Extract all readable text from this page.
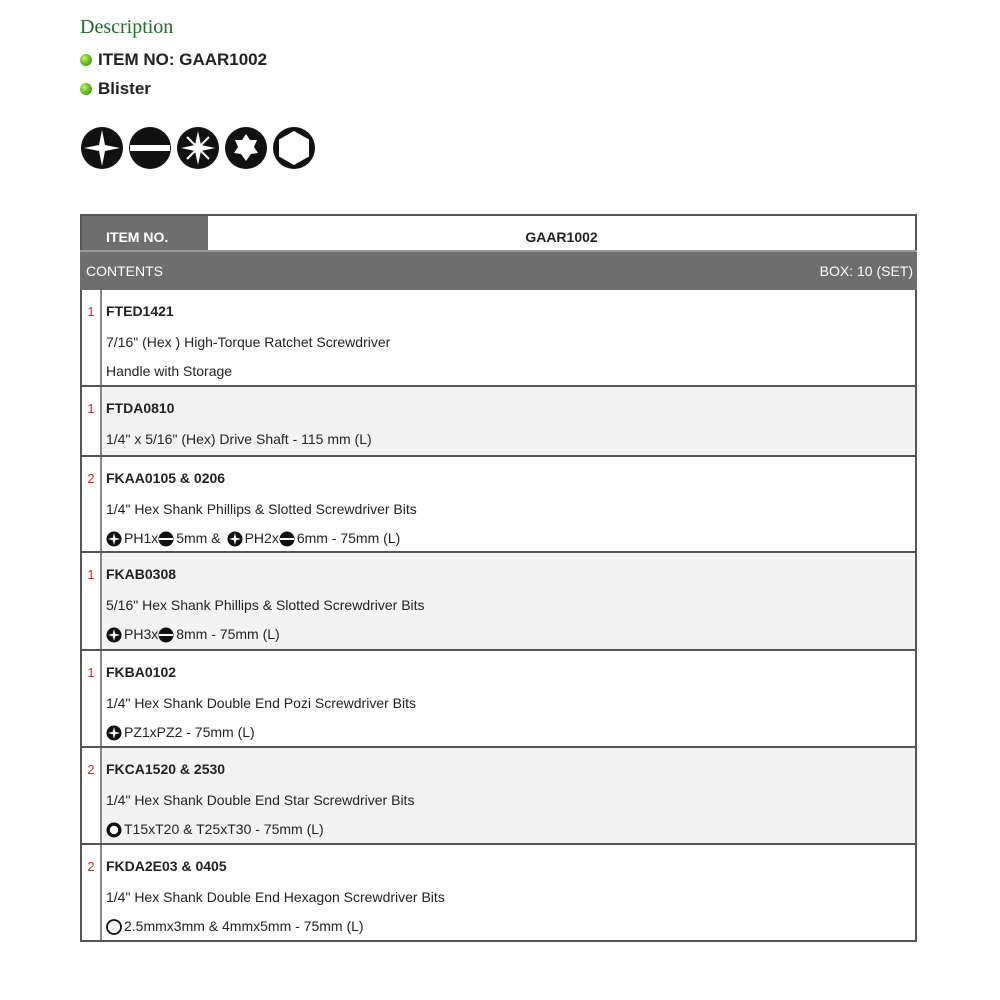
Description
ITEM NO: GAAR1002
Blister
ITEM NO.	GAAR1002
CONTENTS	BOX: 10 (SET)
1 FTED1421
7/16" (Hex ) High-Torque Ratchet Screwdriver
Handle with Storage
1 FTDA0810
1/4" x 5/16" (Hex) Drive Shaft - 115 mm (L)
2 FKAA0105 & 0206
1/4" Hex Shank Phillips & Slotted Screwdriver Bits
PH1x 5mm & PH2x 6mm - 75mm (L)
1 FKAB0308
5/16" Hex Shank Phillips & Slotted Screwdriver Bits
PH3x 8mm - 75mm (L)
1 FKBA0102
1/4" Hex Shank Double End Pozi Screwdriver Bits
PZ1xPZ2 - 75mm (L)
2 FKCA1520 & 2530
1/4" Hex Shank Double End Star Screwdriver Bits
T15xT20 & T25xT30 - 75mm (L)
2 FKDA2E03 & 0405
1/4" Hex Shank Double End Hexagon Screwdriver Bits
2.5mmx3mm & 4mmx5mm - 75mm (L)
